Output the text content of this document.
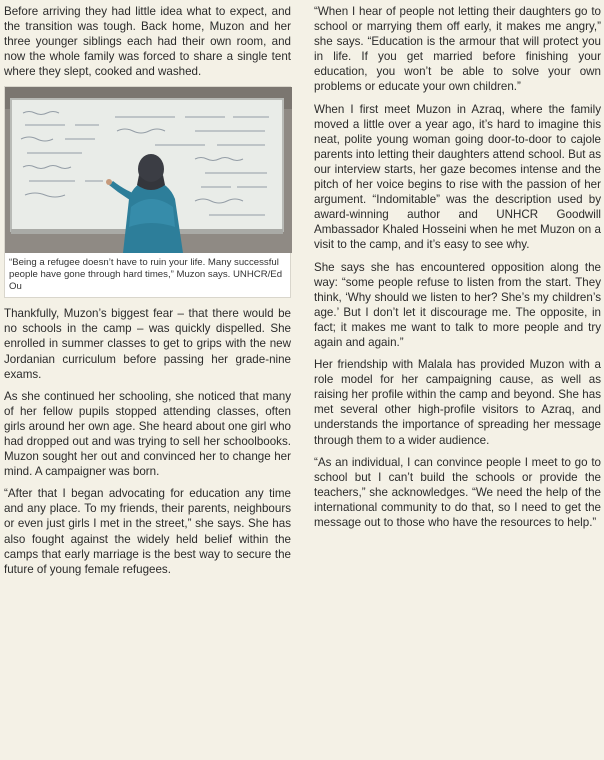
Before arriving they had little idea what to expect, and the transition was tough. Back home, Muzon and her three younger siblings each had their own room, and now the whole family was forced to share a single tent where they slept, cooked and washed.

“Being a refugee doesn’t have to ruin your life. Many successful people have gone through hard times,” Muzon says. UNHCR/Ed Ou

Thankfully, Muzon’s biggest fear – that there would be no schools in the camp – was quickly dispelled. She enrolled in summer classes to get to grips with the new Jordanian curriculum before passing her grade-nine exams.

As she continued her schooling, she noticed that many of her fellow pupils stopped attending classes, often girls around her own age. She heard about one girl who had dropped out and was trying to sell her schoolbooks. Muzon sought her out and convinced her to change her mind. A campaigner was born.

“After that I began advocating for education any time and any place. To my friends, their parents, neighbours or even just girls I met in the street,” she says. She has also fought against the widely held belief within the camps that early marriage is the best way to secure the future of young female refugees.

“When I hear of people not letting their daughters go to school or marrying them off early, it makes me angry,” she says. “Education is the armour that will protect you in life. If you get married before finishing your education, you won’t be able to solve your own problems or educate your own children.”

When I first meet Muzon in Azraq, where the family moved a little over a year ago, it’s hard to imagine this neat, polite young woman going door-to-door to cajole parents into letting their daughters attend school. But as our interview starts, her gaze becomes intense and the pitch of her voice begins to rise with the passion of her argument. “Indomitable” was the description used by award-winning author and UNHCR Goodwill Ambassador Khaled Hosseini when he met Muzon on a visit to the camp, and it’s easy to see why.

She says she has encountered opposition along the way: “some people refuse to listen from the start. They think, ‘Why should we listen to her? She’s my children’s age.’ But I don’t let it discourage me. The opposite, in fact; it makes me want to talk to more people and try again and again.”

Her friendship with Malala has provided Muzon with a role model for her campaigning cause, as well as raising her profile within the camp and beyond. She has met several other high-profile visitors to Azraq, and understands the importance of spreading her message through them to a wider audience.

“As an individual, I can convince people I meet to go to school but I can’t build the schools or provide the teachers,” she acknowledges. “We need the help of the international community to do that, so I need to get the message out to those who have the resources to help.”
